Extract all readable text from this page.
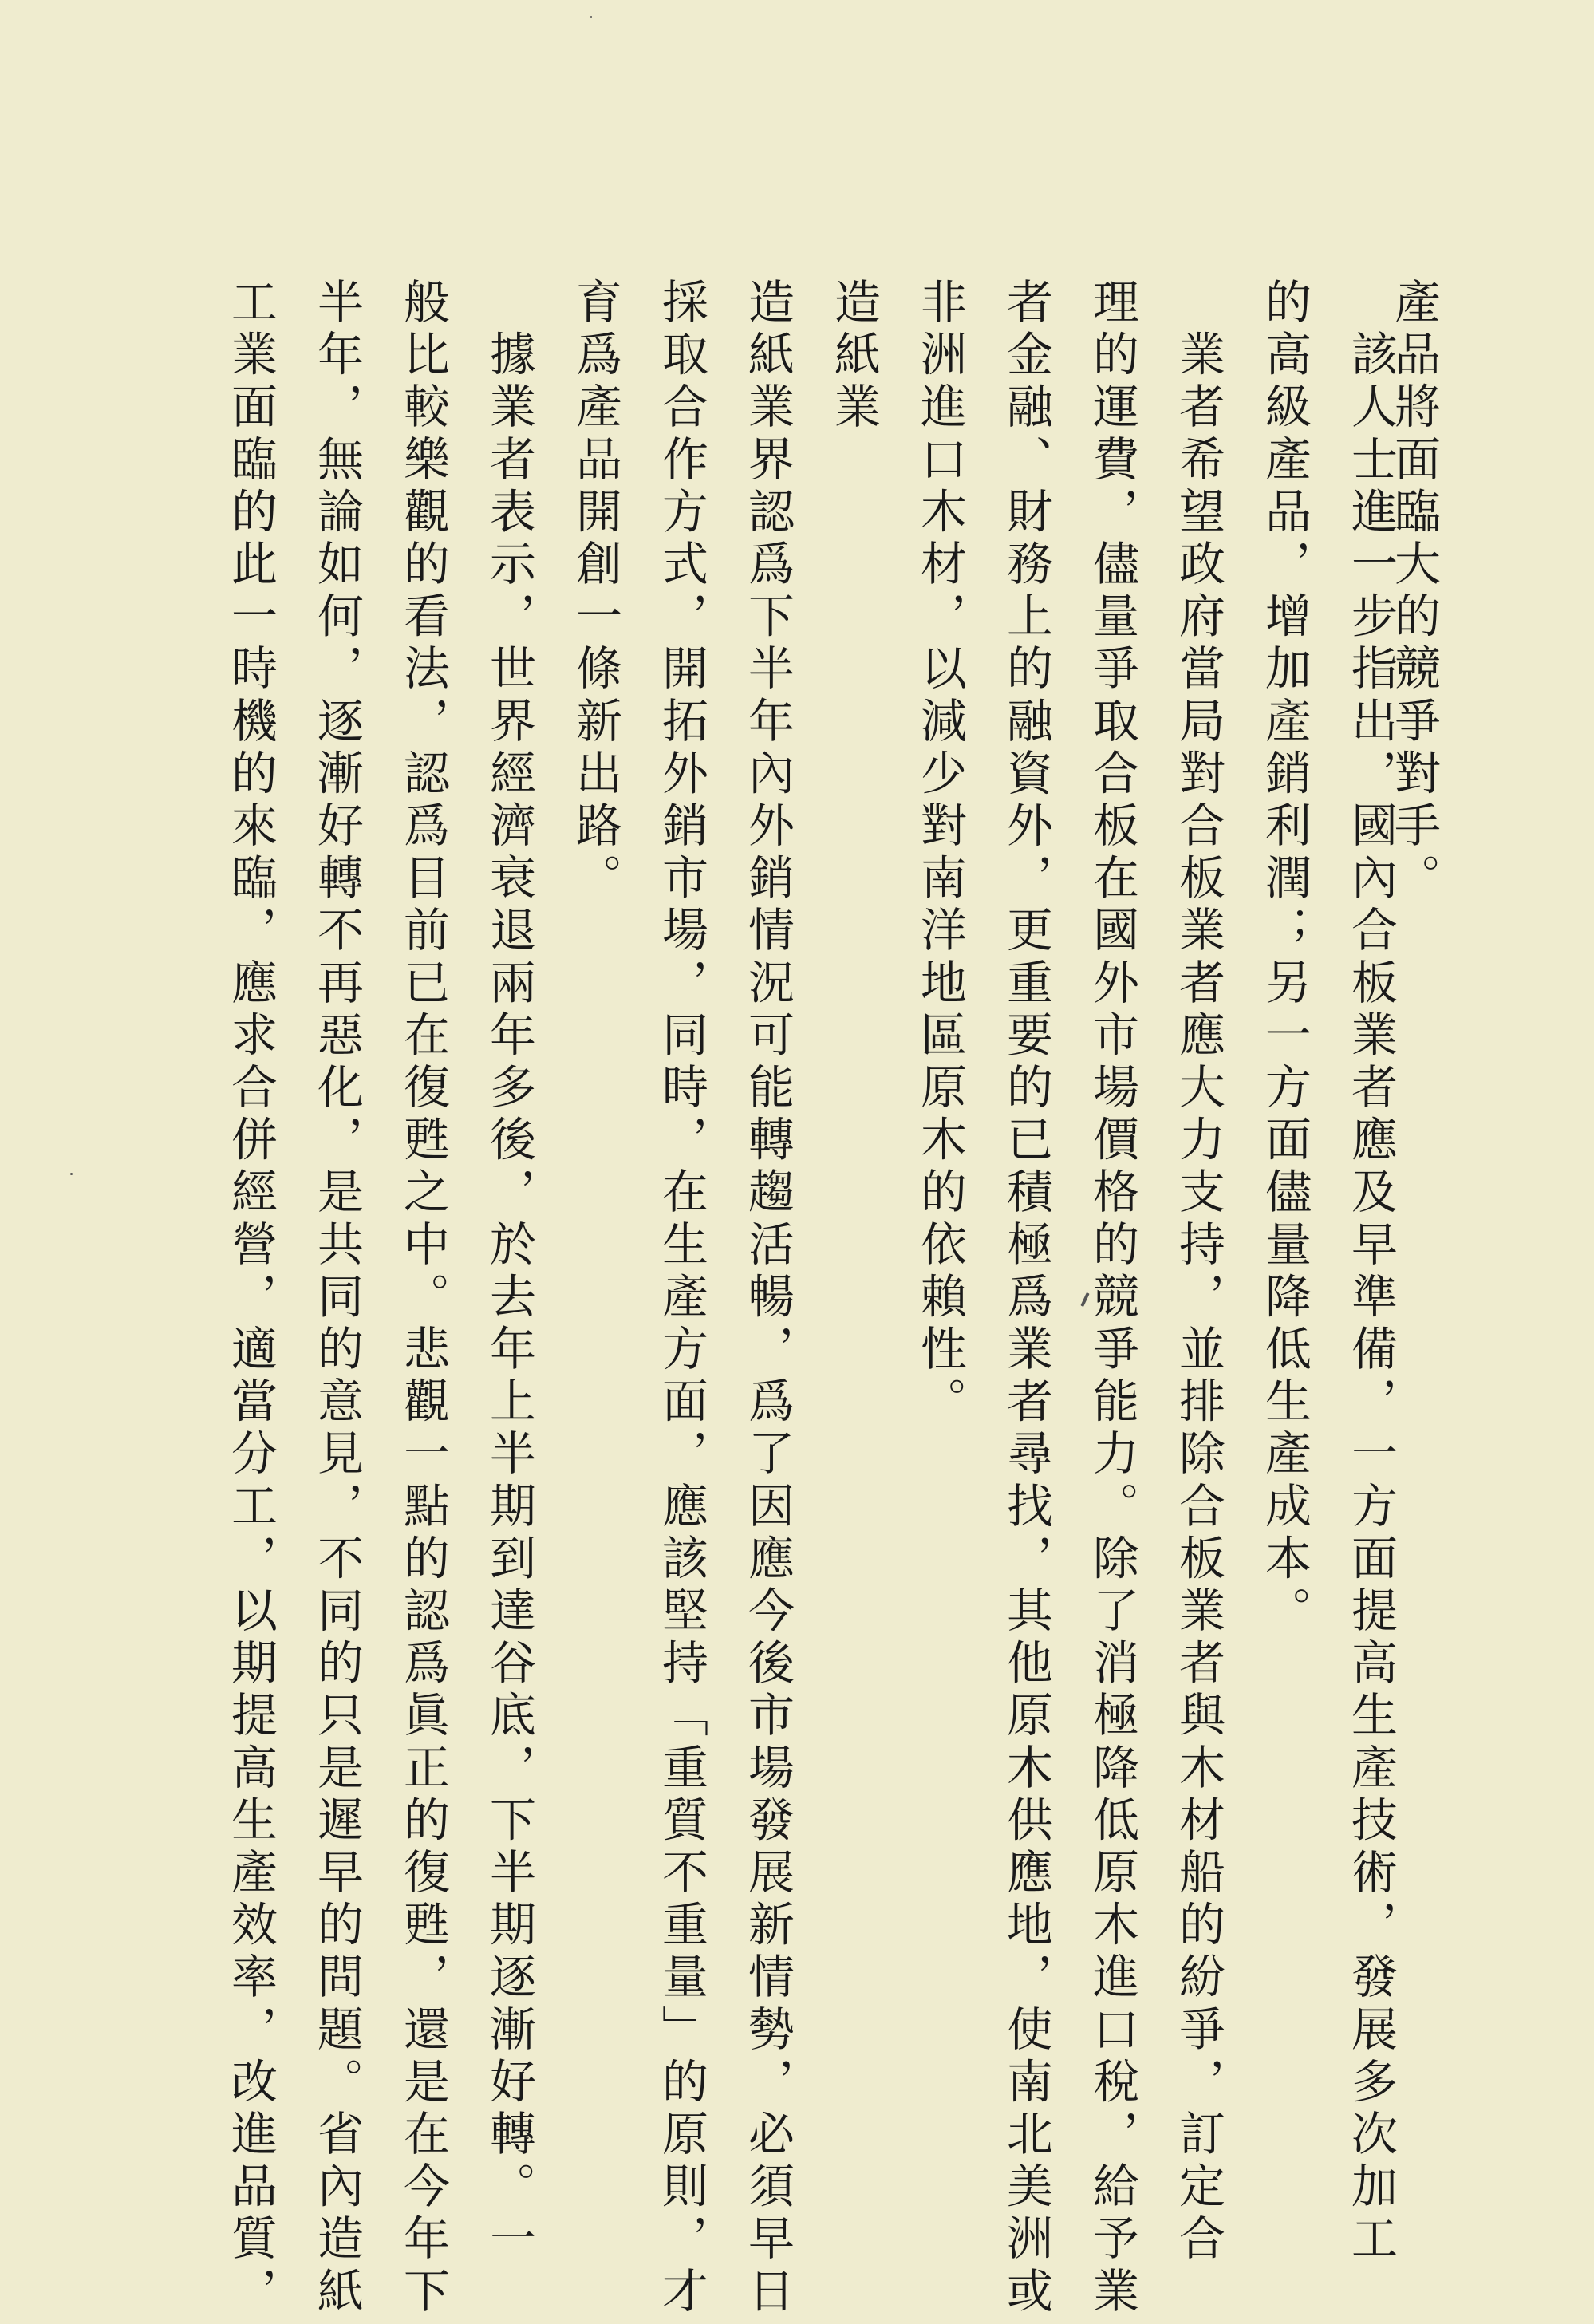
產品將面臨大的競爭對手。
　該人士進一步指出，國內合板業者應及早準備，一方面提高生產技術，發展多次加工
的高級產品，增加產銷利潤；另一方面儘量降低生產成本。
　業者希望政府當局對合板業者應大力支持，並排除合板業者與木材船的紛爭，訂定合
理的運費，儘量爭取合板在國外市場價格的競爭能力。除了消極降低原木進口稅，給予業
者金融、財務上的融資外，更重要的已積極爲業者尋找，其他原木供應地，使南北美洲或
非洲進口木材，以減少對南洋地區原木的依賴性。
造紙業
造紙業界認爲下半年內外銷情況可能轉趨活暢，爲了因應今後市場發展新情勢，必須早日
採取合作方式，開拓外銷市場，同時，在生產方面，應該堅持「重質不重量」的原則，才
育爲產品開創一條新出路。
　據業者表示，世界經濟衰退兩年多後，於去年上半期到達谷底，下半期逐漸好轉。一
般比較樂觀的看法，認爲目前已在復甦之中。悲觀一點的認爲眞正的復甦，還是在今年下
半年，無論如何，逐漸好轉不再惡化，是共同的意見，不同的只是遲早的問題。省內造紙
工業面臨的此一時機的來臨，應求合併經營，適當分工，以期提高生產效率，改進品質，
